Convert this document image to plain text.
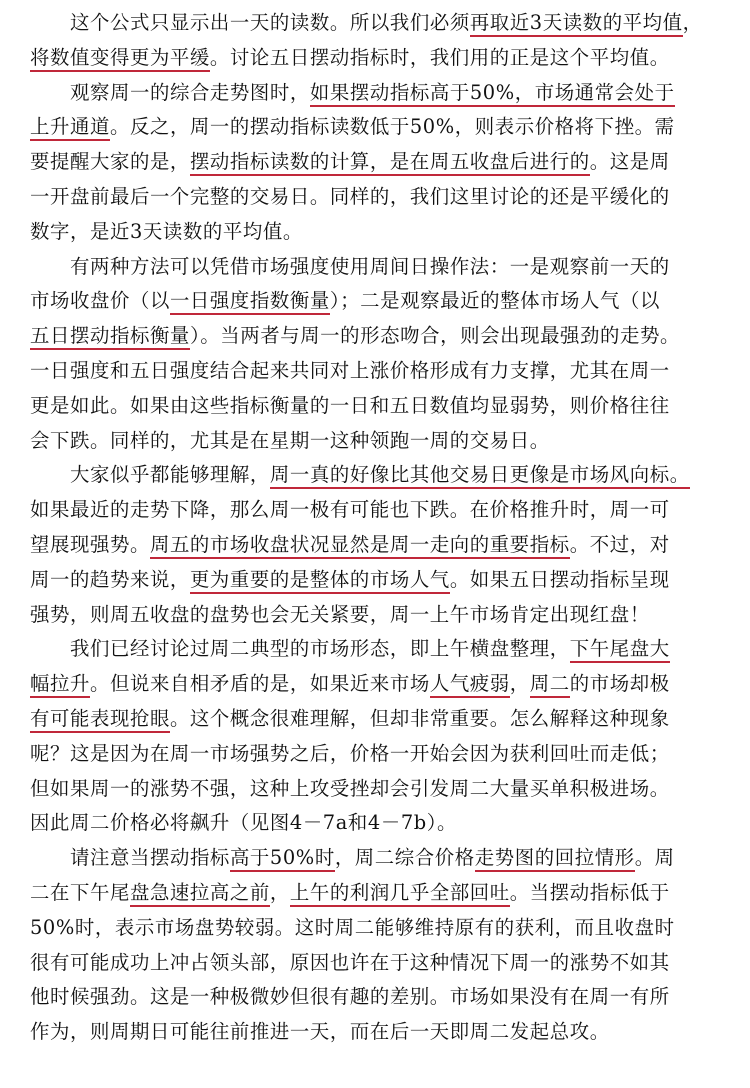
这个公式只显示出一天的读数。所以我们必须再取近3天读数的平均值，
将数值变得更为平缓。讨论五日摆动指标时，我们用的正是这个平均值。
观察周一的综合走势图时，如果摆动指标高于50%，市场通常会处于
上升通道。反之，周一的摆动指标读数低于50%，则表示价格将下挫。需
要提醒大家的是，摆动指标读数的计算，是在周五收盘后进行的。这是周
一开盘前最后一个完整的交易日。同样的，我们这里讨论的还是平缓化的
数字，是近3天读数的平均值。
有两种方法可以凭借市场强度使用周间日操作法：一是观察前一天的
市场收盘价（以一日强度指数衡量）；二是观察最近的整体市场人气（以
五日摆动指标衡量）。当两者与周一的形态吻合，则会出现最强劲的走势。
一日强度和五日强度结合起来共同对上涨价格形成有力支撑，尤其在周一
更是如此。如果由这些指标衡量的一日和五日数值均显弱势，则价格往往
会下跌。同样的，尤其是在星期一这种领跑一周的交易日。
大家似乎都能够理解，周一真的好像比其他交易日更像是市场风向标。
如果最近的走势下降，那么周一极有可能也下跌。在价格推升时，周一可
望展现强势。周五的市场收盘状况显然是周一走向的重要指标。不过，对
周一的趋势来说，更为重要的是整体的市场人气。如果五日摆动指标呈现
强势，则周五收盘的盘势也会无关紧要，周一上午市场肯定出现红盘！
我们已经讨论过周二典型的市场形态，即上午横盘整理，下午尾盘大
幅拉升。但说来自相矛盾的是，如果近来市场人气疲弱，周二的市场却极
有可能表现抢眼。这个概念很难理解，但却非常重要。怎么解释这种现象
呢？这是因为在周一市场强势之后，价格一开始会因为获利回吐而走低；
但如果周一的涨势不强，这种上攻受挫却会引发周二大量买单积极进场。
因此周二价格必将飙升（见图4－7a和4－7b）。
请注意当摆动指标高于50%时，周二综合价格走势图的回拉情形。周
二在下午尾盘急速拉高之前，上午的利润几乎全部回吐。当摆动指标低于
50%时，表示市场盘势较弱。这时周二能够维持原有的获利，而且收盘时
很有可能成功上冲占领头部，原因也许在于这种情况下周一的涨势不如其
他时候强劲。这是一种极微妙但很有趣的差别。市场如果没有在周一有所
作为，则周期日可能往前推进一天，而在后一天即周二发起总攻。
